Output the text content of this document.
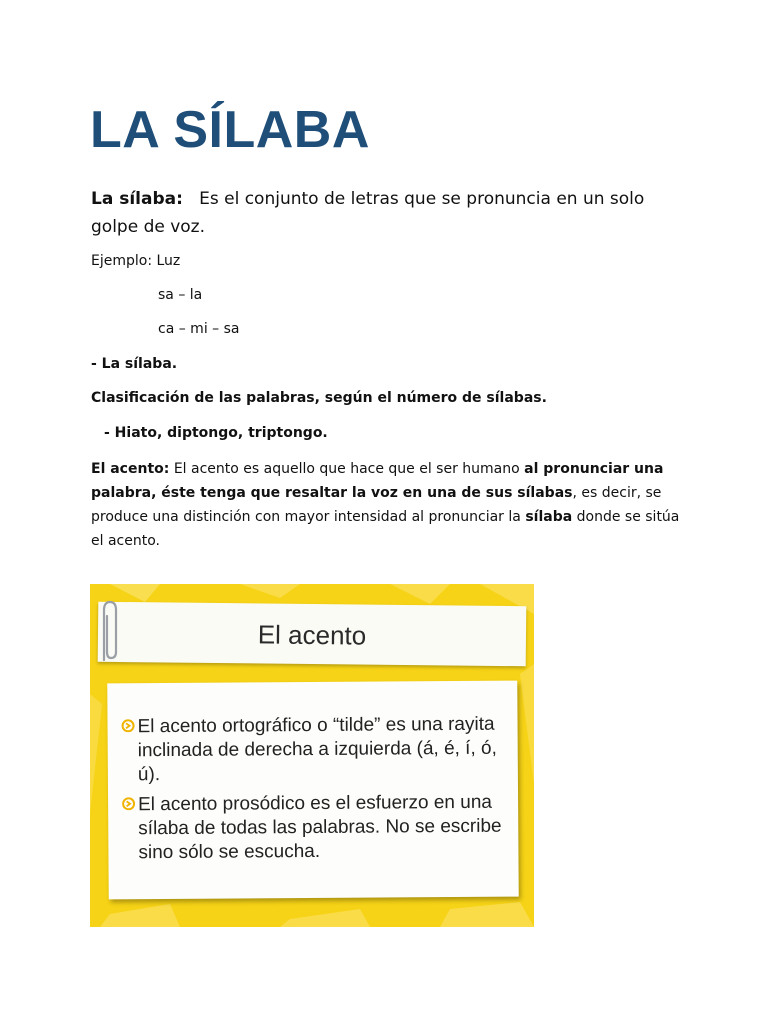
LA SÍLABA

La sílaba: Es el conjunto de letras que se pronuncia en un solo golpe de voz.

Ejemplo: Luz

sa – la

ca – mi – sa

- La sílaba.

Clasificación de las palabras, según el número de sílabas.

- Hiato, diptongo, triptongo.

El acento: El acento es aquello que hace que el ser humano al pronunciar una palabra, éste tenga que resaltar la voz en una de sus sílabas, es decir, se produce una distinción con mayor intensidad al pronunciar la sílaba donde se sitúa el acento.

El acento

El acento ortográfico o “tilde” es una rayita inclinada de derecha a izquierda (á, é, í, ó, ú).
El acento prosódico es el esfuerzo en una sílaba de todas las palabras. No se escribe sino sólo se escucha.
